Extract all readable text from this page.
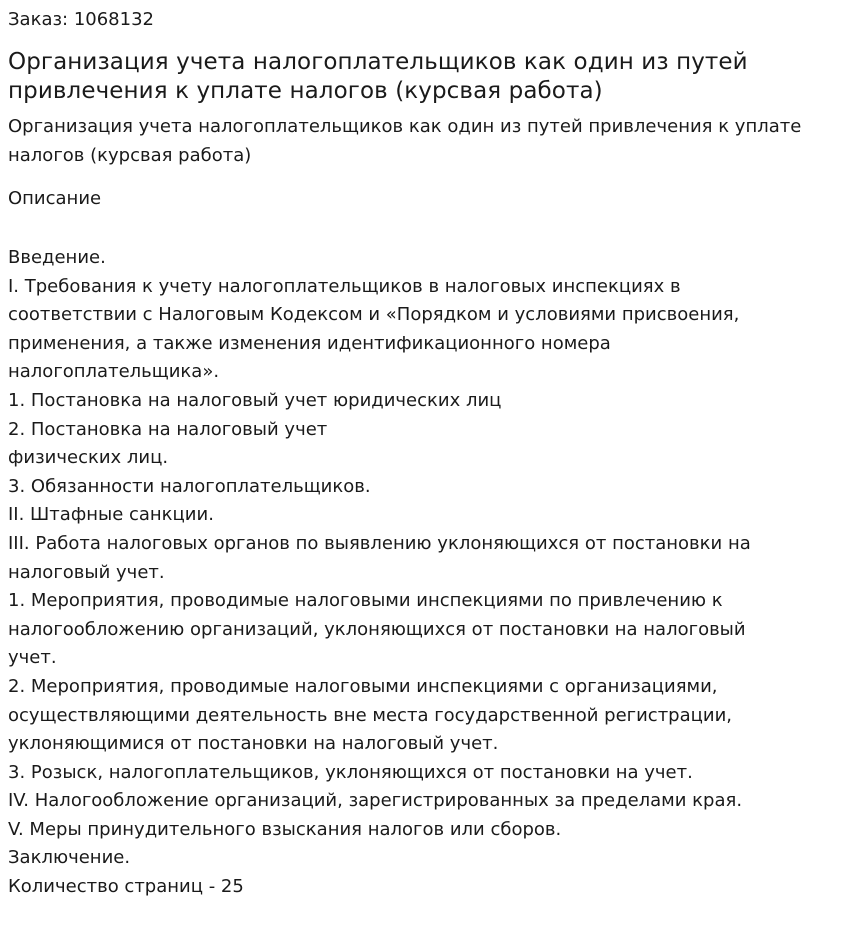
Заказ: 1068132
Организация учета налогоплательщиков как один из путей привлечения к уплате налогов (курсвая работа)
Организация учета налогоплательщиков как один из путей привлечения к уплате налогов (курсвая работа)
Описание
Введение.
I. Требования к учету налогоплательщиков в налоговых инспекциях в
соответствии с Налоговым Кодексом и «Порядком и условиями присвоения,
применения, а также изменения идентификационного номера
налогоплательщика».
1. Постановка на налоговый учет юридических лиц
2. Постановка на налоговый учет
физических лиц.
3. Обязанности налогоплательщиков.
II. Штафные санкции.
III. Работа налоговых органов по выявлению уклоняющихся от постановки на
налоговый учет.
1. Мероприятия, проводимые налоговыми инспекциями по привлечению к
налогообложению организаций, уклоняющихся от постановки на налоговый
учет.
2. Мероприятия, проводимые налоговыми инспекциями с организациями,
осуществляющими деятельность вне места государственной регистрации,
уклоняющимися от постановки на налоговый учет.
3. Розыск, налогоплательщиков, уклоняющихся от постановки на учет.
IV. Налогообложение организаций, зарегистрированных за пределами края.
V. Меры принудительного взыскания налогов или сборов.
Заключение.
Количество страниц - 25
